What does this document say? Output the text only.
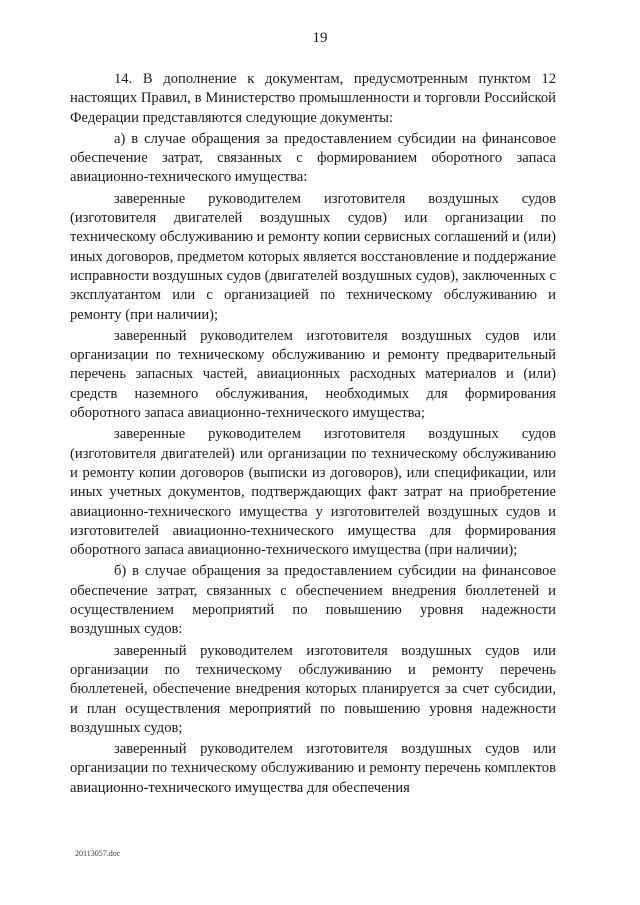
19

14. В дополнение к документам, предусмотренным пунктом 12 настоящих Правил, в Министерство промышленности и торговли Российской Федерации представляются следующие документы:

а) в случае обращения за предоставлением субсидии на финансовое обеспечение затрат, связанных с формированием оборотного запаса авиационно-технического имущества:

заверенные руководителем изготовителя воздушных судов (изготовителя двигателей воздушных судов) или организации по техническому обслуживанию и ремонту копии сервисных соглашений и (или) иных договоров, предметом которых является восстановление и поддержание исправности воздушных судов (двигателей воздушных судов), заключенных с эксплуатантом или с организацией по техническому обслуживанию и ремонту (при наличии);

заверенный руководителем изготовителя воздушных судов или организации по техническому обслуживанию и ремонту предварительный перечень запасных частей, авиационных расходных материалов и (или) средств наземного обслуживания, необходимых для формирования оборотного запаса авиационно-технического имущества;

заверенные руководителем изготовителя воздушных судов (изготовителя двигателей) или организации по техническому обслуживанию и ремонту копии договоров (выписки из договоров), или спецификации, или иных учетных документов, подтверждающих факт затрат на приобретение авиационно-технического имущества у изготовителей воздушных судов и изготовителей авиационно-технического имущества для формирования оборотного запаса авиационно-технического имущества (при наличии);

б) в случае обращения за предоставлением субсидии на финансовое обеспечение затрат, связанных с обеспечением внедрения бюллетеней и осуществлением мероприятий по повышению уровня надежности воздушных судов:

заверенный руководителем изготовителя воздушных судов или организации по техническому обслуживанию и ремонту перечень бюллетеней, обеспечение внедрения которых планируется за счет субсидии, и план осуществления мероприятий по повышению уровня надежности воздушных судов;

заверенный руководителем изготовителя воздушных судов или организации по техническому обслуживанию и ремонту перечень комплектов авиационно-технического имущества для обеспечения

20113057.doc
